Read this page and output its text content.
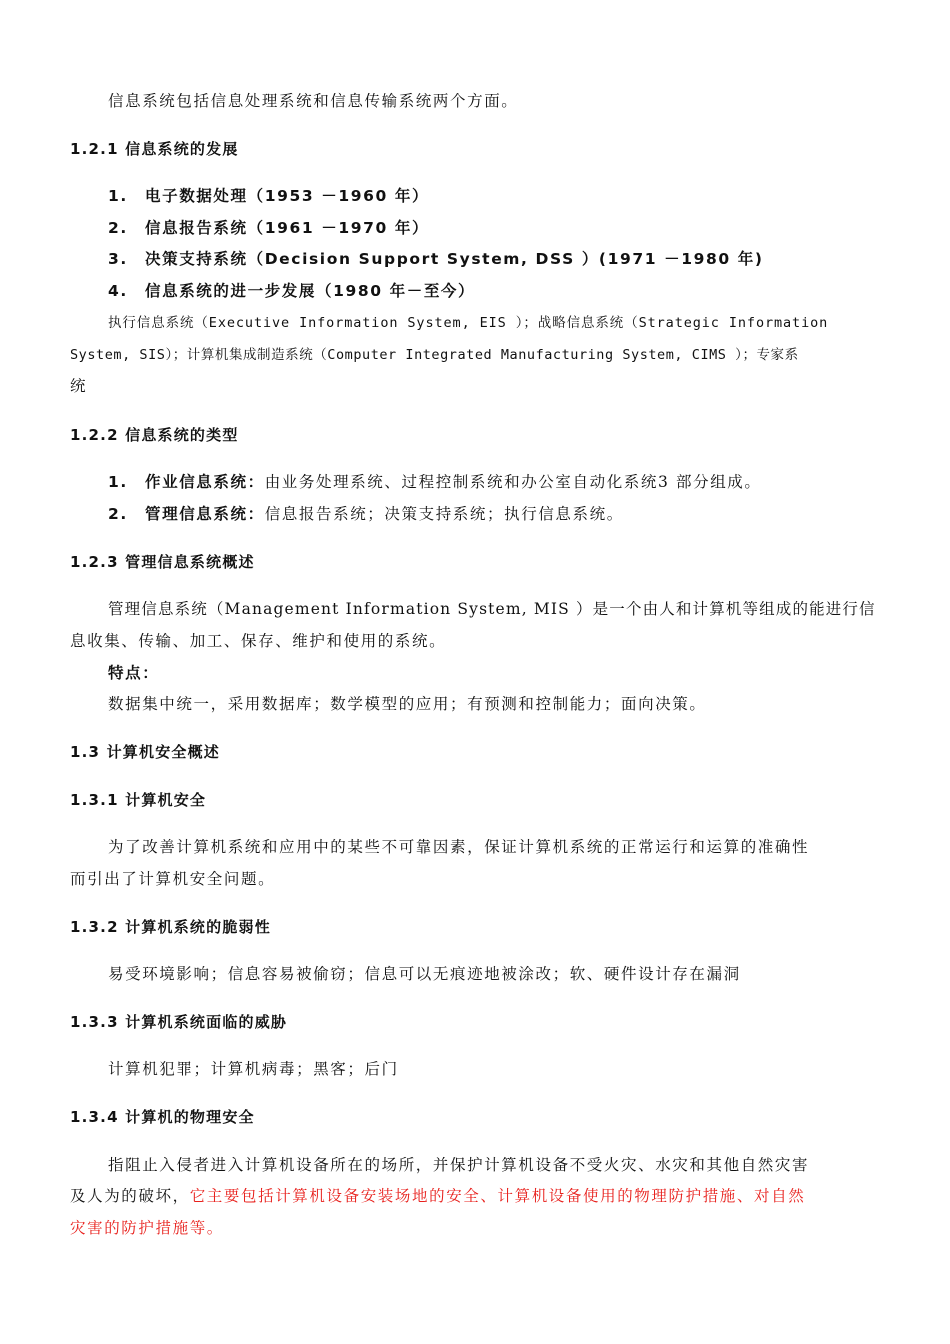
信息系统包括信息处理系统和信息传输系统两个方面。
1.2.1 信息系统的发展
1. 电子数据处理（1953 －1960 年）
2. 信息报告系统（1961 －1970 年）
3. 决策支持系统（Decision Support System, DSS ）(1971 －1980 年)
4. 信息系统的进一步发展（1980 年－至今）
执行信息系统（Executive Information System, EIS ）；战略信息系统（Strategic Information
System, SIS）；计算机集成制造系统（Computer Integrated Manufacturing System, CIMS ）；专家系
统
1.2.2 信息系统的类型
1. 作业信息系统：由业务处理系统、过程控制系统和办公室自动化系统3 部分组成。
2. 管理信息系统：信息报告系统；决策支持系统；执行信息系统。
1.2.3 管理信息系统概述
管理信息系统（Management Information System, MIS ）是一个由人和计算机等组成的能进行信
息收集、传输、加工、保存、维护和使用的系统。
特点：
数据集中统一，采用数据库；数学模型的应用；有预测和控制能力；面向决策。
1.3 计算机安全概述
1.3.1 计算机安全
为了改善计算机系统和应用中的某些不可靠因素，保证计算机系统的正常运行和运算的准确性
而引出了计算机安全问题。
1.3.2 计算机系统的脆弱性
易受环境影响；信息容易被偷窃；信息可以无痕迹地被涂改；软、硬件设计存在漏洞
1.3.3 计算机系统面临的威胁
计算机犯罪；计算机病毒；黑客；后门
1.3.4 计算机的物理安全
指阻止入侵者进入计算机设备所在的场所，并保护计算机设备不受火灾、水灾和其他自然灾害
及人为的破坏，它主要包括计算机设备安装场地的安全、计算机设备使用的物理防护措施、对自然
灾害的防护措施等。
